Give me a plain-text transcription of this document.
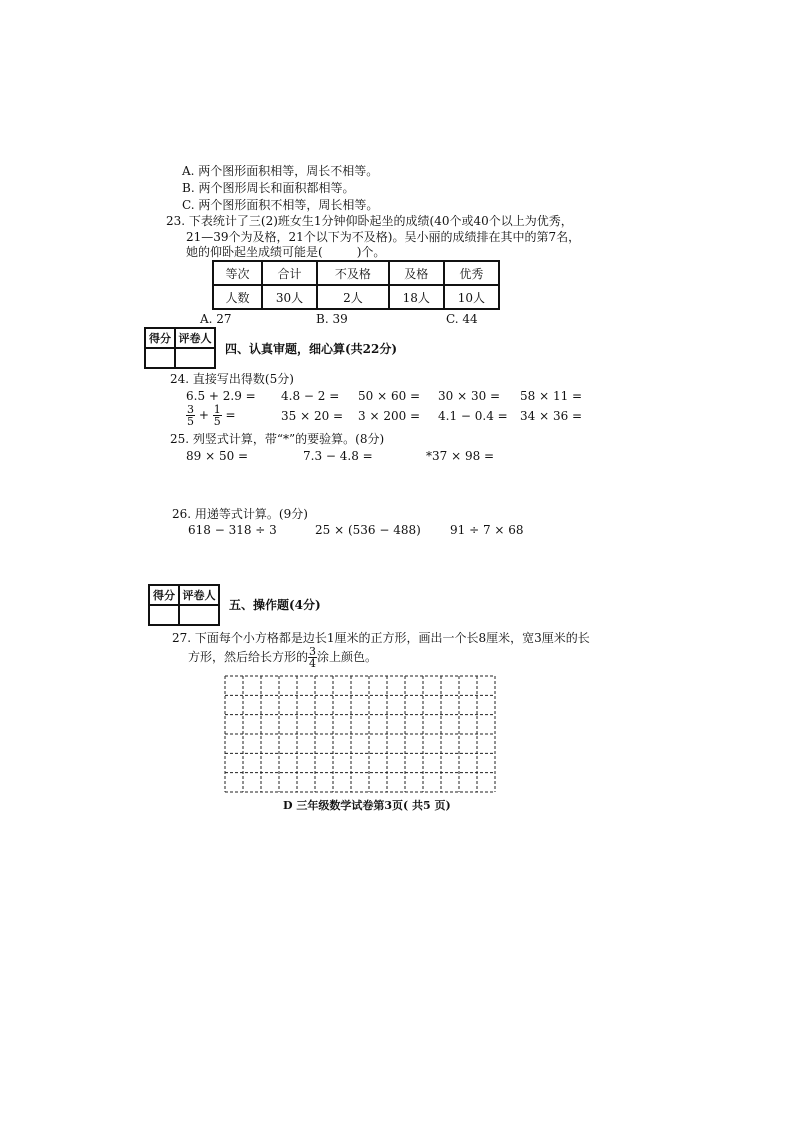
A. 两个图形面积相等，周长不相等。
B. 两个图形周长和面积都相等。
C. 两个图形面积不相等，周长相等。
23. 下表统计了三(2)班女生1分钟仰卧起坐的成绩(40个或40个以上为优秀，
21—39个为及格，21个以下为不及格)。吴小丽的成绩排在其中的第7名，
她的仰卧起坐成绩可能是(	)个。
等次	合计	不及格	及格	优秀
人数	30人	2人	18人	10人
A. 27	B. 39	C. 44
得分	评卷人

四、认真审题，细心算(共22分)
24. 直接写出得数(5分)
6.5 + 2.9 = 4.8 − 2 = 50 × 60 = 30 × 30 = 58 × 11 =
$\frac{3}{5} + \frac{1}{5}$ =	35 × 20 = 3 × 200 = 4.1 − 0.4 = 34 × 36 =
25. 列竖式计算，带“*”的要验算。(8分)
89 × 50 =	7.3 − 4.8 =	*37 × 98 =
26. 用递等式计算。(9分)
618 − 318 ÷ 3	25 × (536 − 488) 91 ÷ 7 × 68
得分	评卷人

五、操作题(4分)
27. 下面每个小方格都是边长1厘米的正方形，画出一个长8厘米，宽3厘米的长
方形，然后给长方形的 $\frac{3}{4}$ 涂上颜色。
D 三年级数学试卷第3页( 共5 页)
